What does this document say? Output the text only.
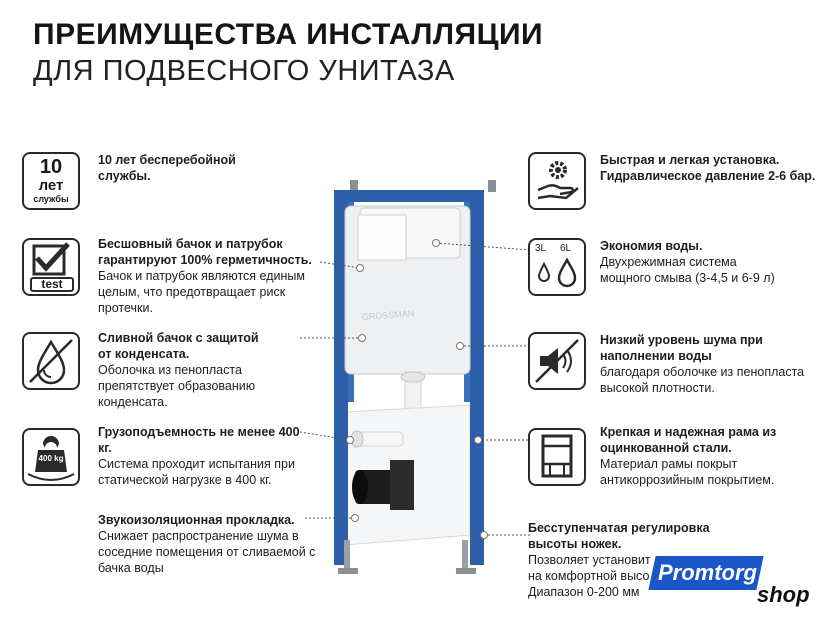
ПРЕИМУЩЕСТВА ИНСТАЛЛЯЦИИ
ДЛЯ ПОДВЕСНОГО УНИТАЗА
GROSSMAN
10
лет
службы
test
400 kg
3L 6L
10 лет бесперебойной службы.
Бесшовный бачок и патрубок гарантируют 100% герметичность.
Бачок и патрубок являются единым целым, что предотвращает риск протечки.
Сливной бачок с защитой от конденсата.
Оболочка из пенопласта препятствует образованию конденсата.
Грузоподъемность не менее 400 кг.
Система проходит испытания при статической нагрузке в 400 кг.
Звукоизоляционная прокладка.
Снижает распространение шума в соседние помещения от сливаемой с бачка воды
Быстрая и легкая установка.
Гидравлическое давление 2-6 бар.
Экономия воды.
Двухрежимная система мощного смыва (3-4,5 и 6-9 л)
Низкий уровень шума при наполнении воды
благодаря оболочке из пенопласта высокой плотности.
Крепкая и надежная рама из оцинкованной стали.
Материал рамы покрыт антикоррозийным покрытием.
Бесступенчатая регулировка высоты ножек.
Позволяет установит на комфортной высо Диапазон 0-200 мм
Promtorg
shop
